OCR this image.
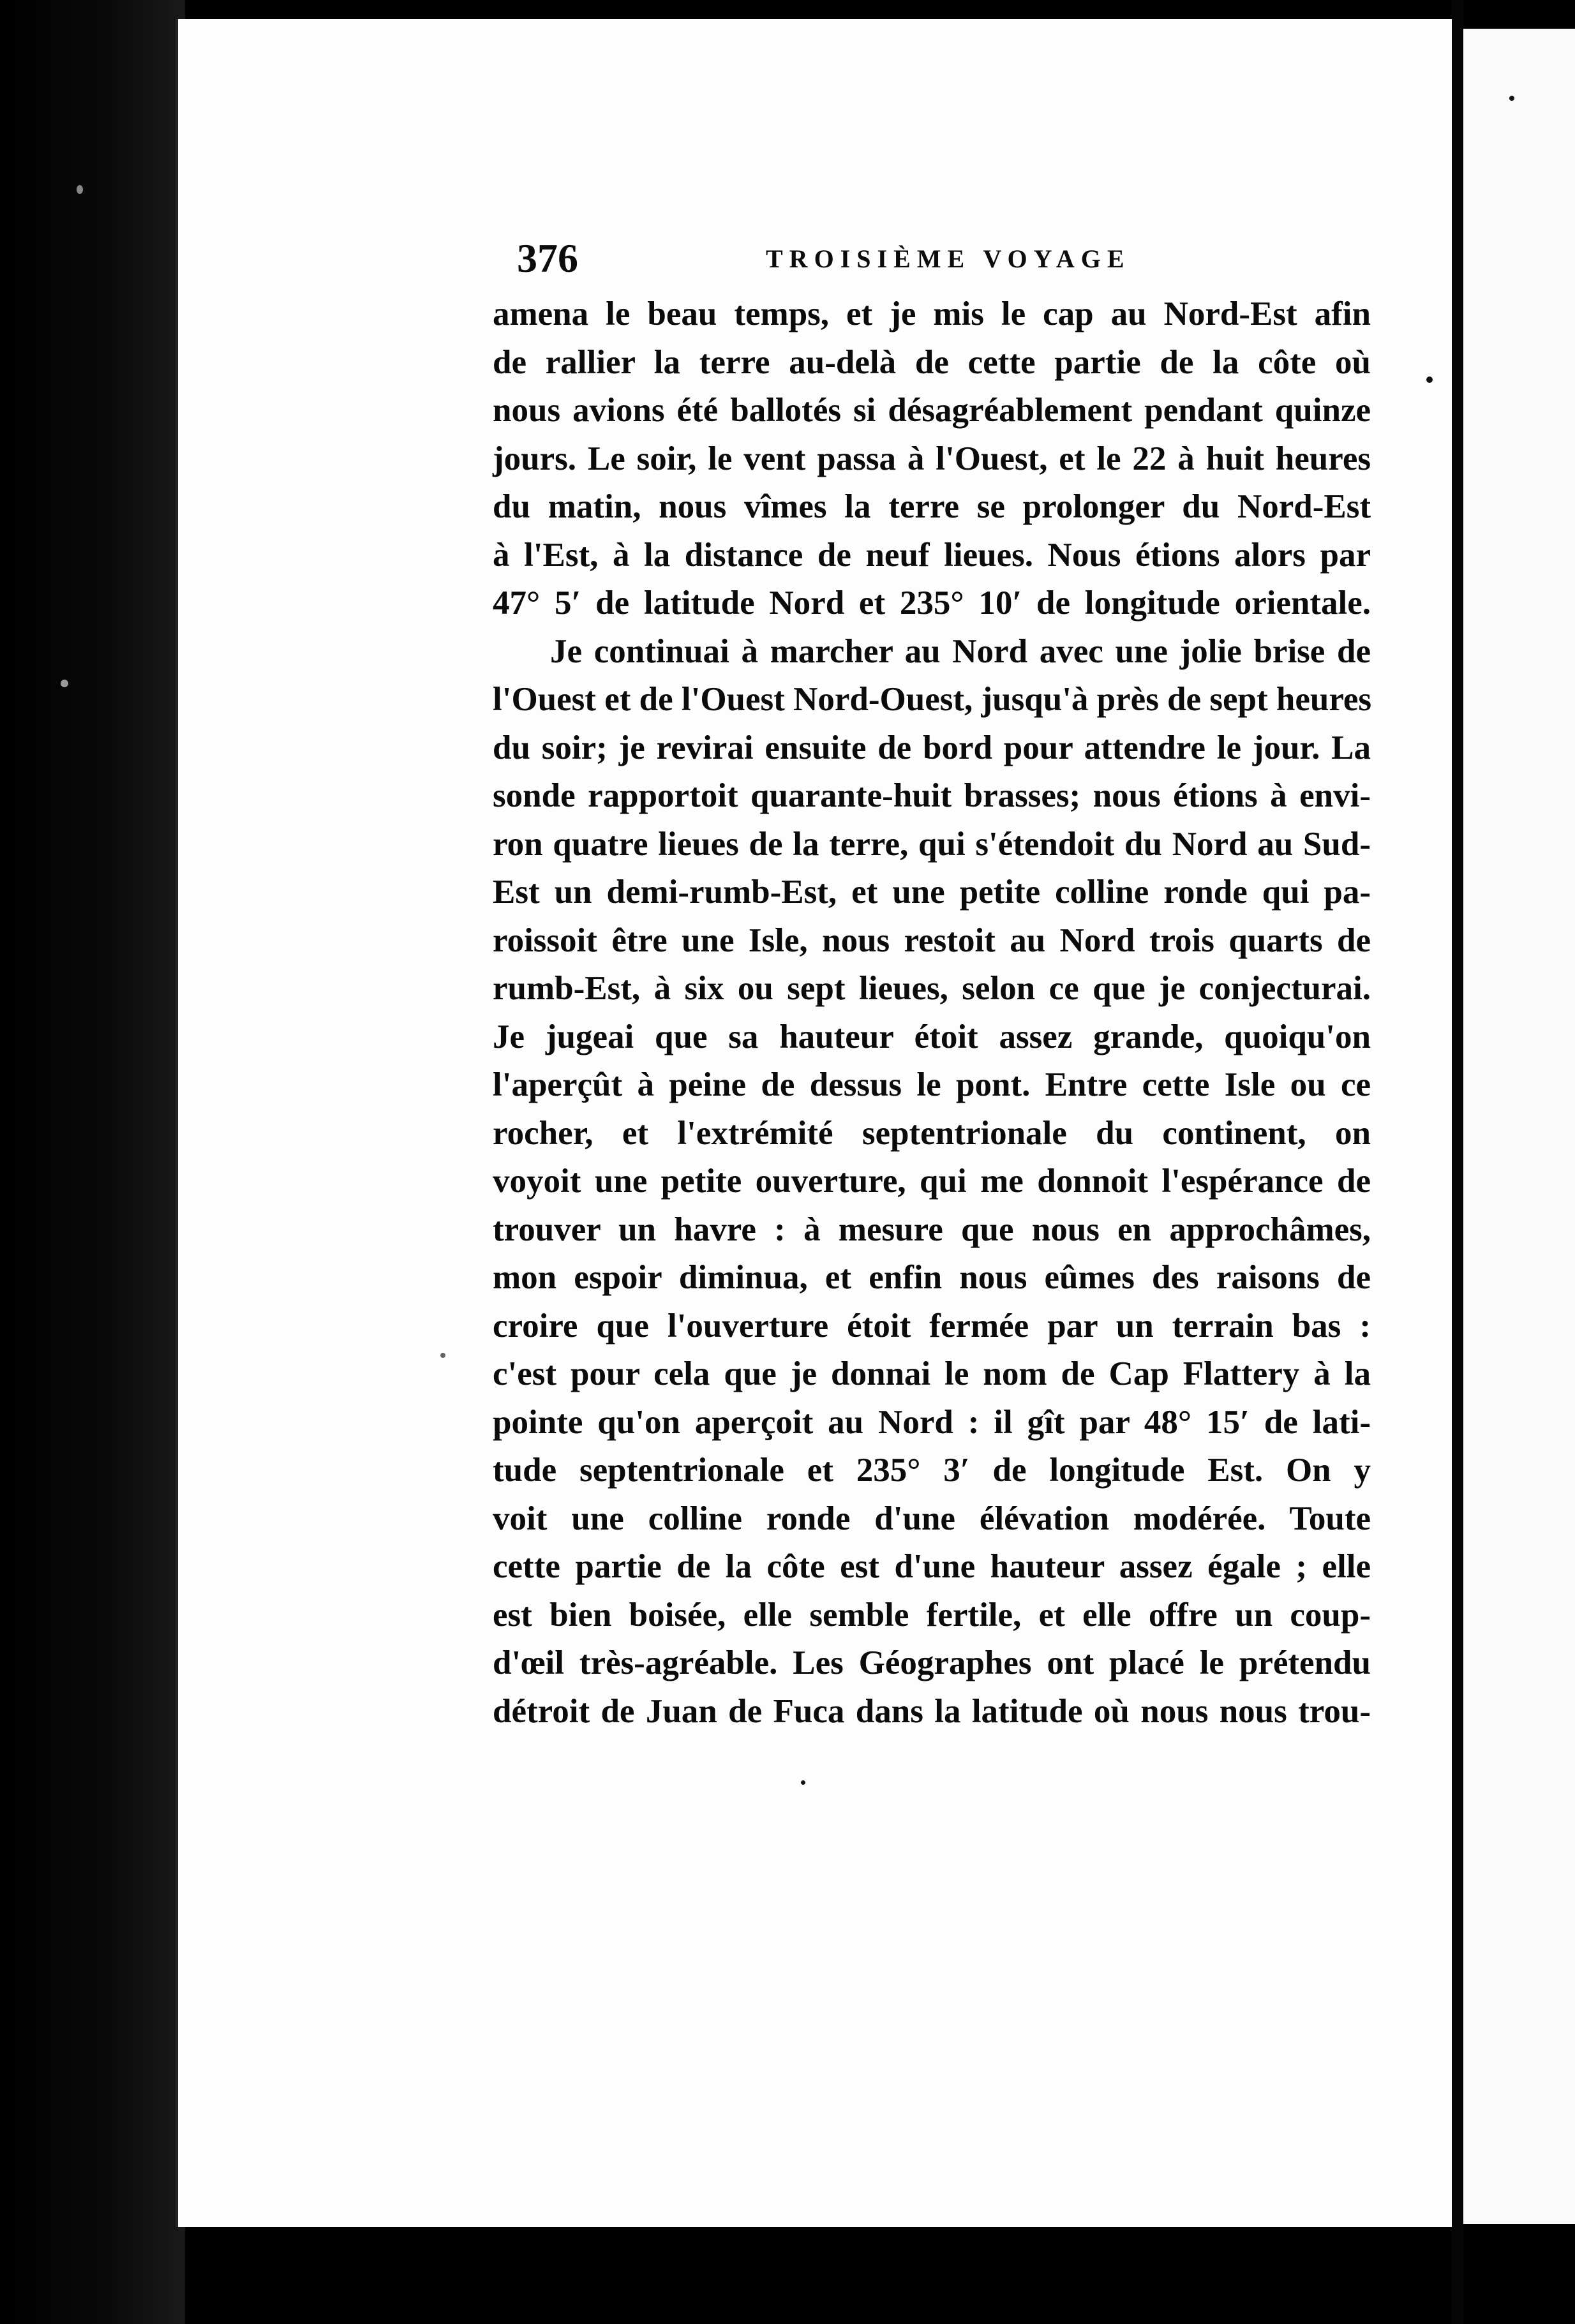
376	TROISIÈME VOYAGE
amena le beau temps, et je mis le cap au Nord-Est afin
de rallier la terre au-delà de cette partie de la côte où
nous avions été ballotés si désagréablement pendant quinze
jours. Le soir, le vent passa à l'Ouest, et le 22 à huit heures
du matin, nous vîmes la terre se prolonger du Nord-Est
à l'Est, à la distance de neuf lieues. Nous étions alors par
47° 5′ de latitude Nord et 235° 10′ de longitude orientale.
Je continuai à marcher au Nord avec une jolie brise de
l'Ouest et de l'Ouest Nord-Ouest, jusqu'à près de sept heures
du soir; je revirai ensuite de bord pour attendre le jour. La
sonde rapportoit quarante-huit brasses; nous étions à envi-
ron quatre lieues de la terre, qui s'étendoit du Nord au Sud-
Est un demi-rumb-Est, et une petite colline ronde qui pa-
roissoit être une Isle, nous restoit au Nord trois quarts de
rumb-Est, à six ou sept lieues, selon ce que je conjecturai.
Je jugeai que sa hauteur étoit assez grande, quoiqu'on
l'aperçût à peine de dessus le pont. Entre cette Isle ou ce
rocher, et l'extrémité septentrionale du continent, on
voyoit une petite ouverture, qui me donnoit l'espérance de
trouver un havre : à mesure que nous en approchâmes,
mon espoir diminua, et enfin nous eûmes des raisons de
croire que l'ouverture étoit fermée par un terrain bas :
c'est pour cela que je donnai le nom de Cap Flattery à la
pointe qu'on aperçoit au Nord : il gît par 48° 15′ de lati-
tude septentrionale et 235° 3′ de longitude Est. On y
voit une colline ronde d'une élévation modérée. Toute
cette partie de la côte est d'une hauteur assez égale ; elle
est bien boisée, elle semble fertile, et elle offre un coup-
d'œil très-agréable. Les Géographes ont placé le prétendu
détroit de Juan de Fuca dans la latitude où nous nous trou-
